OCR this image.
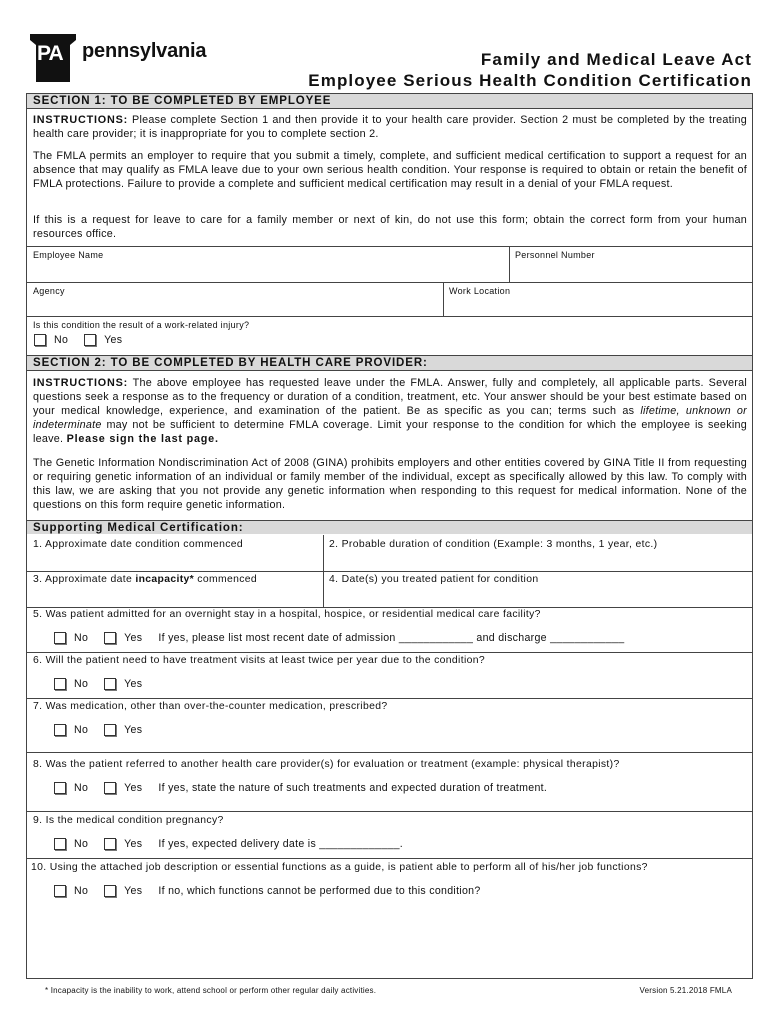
PA pennsylvania	Family and Medical Leave Act
Employee Serious Health Condition Certification
SECTION 1: TO BE COMPLETED BY EMPLOYEE
INSTRUCTIONS: Please complete Section 1 and then provide it to your health care provider. Section 2 must be completed by the treating health care provider; it is inappropriate for you to complete section 2.
The FMLA permits an employer to require that you submit a timely, complete, and sufficient medical certification to support a request for an absence that may qualify as FMLA leave due to your own serious health condition. Your response is required to obtain or retain the benefit of FMLA protections. Failure to provide a complete and sufficient medical certification may result in a denial of your FMLA request.
If this is a request for leave to care for a family member or next of kin, do not use this form; obtain the correct form from your human resources office.
Employee Name	Personnel Number
Agency	Work Location
Is this condition the result of a work-related injury?
No	Yes
SECTION 2: TO BE COMPLETED BY HEALTH CARE PROVIDER:
INSTRUCTIONS: The above employee has requested leave under the FMLA. Answer, fully and completely, all applicable parts. Several questions seek a response as to the frequency or duration of a condition, treatment, etc. Your answer should be your best estimate based on your medical knowledge, experience, and examination of the patient. Be as specific as you can; terms such as lifetime, unknown or indeterminate may not be sufficient to determine FMLA coverage. Limit your response to the condition for which the employee is seeking leave. Please sign the last page.
The Genetic Information Nondiscrimination Act of 2008 (GINA) prohibits employers and other entities covered by GINA Title II from requesting or requiring genetic information of an individual or family member of the individual, except as specifically allowed by this law. To comply with this law, we are asking that you not provide any genetic information when responding to this request for medical information. None of the questions on this form require genetic information.
Supporting Medical Certification:
1. Approximate date condition commenced	2. Probable duration of condition (Example: 3 months, 1 year, etc.)
3. Approximate date incapacity* commenced	4. Date(s) you treated patient for condition
5. Was patient admitted for an overnight stay in a hospital, hospice, or residential medical care facility?
No	Yes If yes, please list most recent date of admission ____________ and discharge ____________
6. Will the patient need to have treatment visits at least twice per year due to the condition?
No	Yes
7. Was medication, other than over-the-counter medication, prescribed?
No	Yes
8. Was the patient referred to another health care provider(s) for evaluation or treatment (example: physical therapist)?
No	Yes If yes, state the nature of such treatments and expected duration of treatment.
9. Is the medical condition pregnancy?
No	Yes If yes, expected delivery date is _____________.
10. Using the attached job description or essential functions as a guide, is patient able to perform all of his/her job functions?
No	Yes If no, which functions cannot be performed due to this condition?
* Incapacity is the inability to work, attend school or perform other regular daily activities.	Version 5.21.2018 FMLA
